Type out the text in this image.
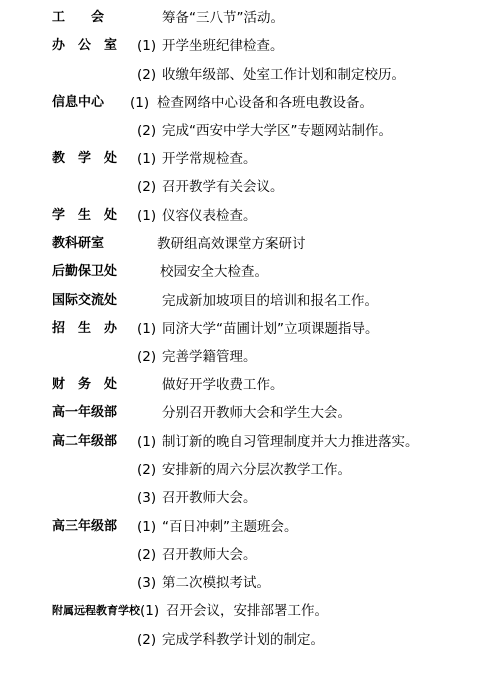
工　　会	筹备“三八节”活动。
办　公　室 (1) 开学坐班纪律检查。
(2) 收缴年级部、处室工作计划和制定校历。
信息中心 (1) 检查网络中心设备和各班电教设备。
(2) 完成“西安中学大学区”专题网站制作。
教　学　处 (1) 开学常规检查。
(2) 召开教学有关会议。
学　生　处 (1) 仪容仪表检查。
教科研室	教研组高效课堂方案研讨
后勤保卫处	校园安全大检查。
国际交流处	完成新加坡项目的培训和报名工作。
招　生　办 (1) 同济大学“苗圃计划”立项课题指导。
(2) 完善学籍管理。
财　务　处	做好开学收费工作。
高一年级部	分别召开教师大会和学生大会。
高二年级部 (1) 制订新的晚自习管理制度并大力推进落实。
(2) 安排新的周六分层次教学工作。
(3) 召开教师大会。
高三年级部 (1) “百日冲刺”主题班会。
(2) 召开教师大会。
(3) 第二次模拟考试。
附属远程教育学校 (1) 召开会议，安排部署工作。
(2) 完成学科教学计划的制定。
